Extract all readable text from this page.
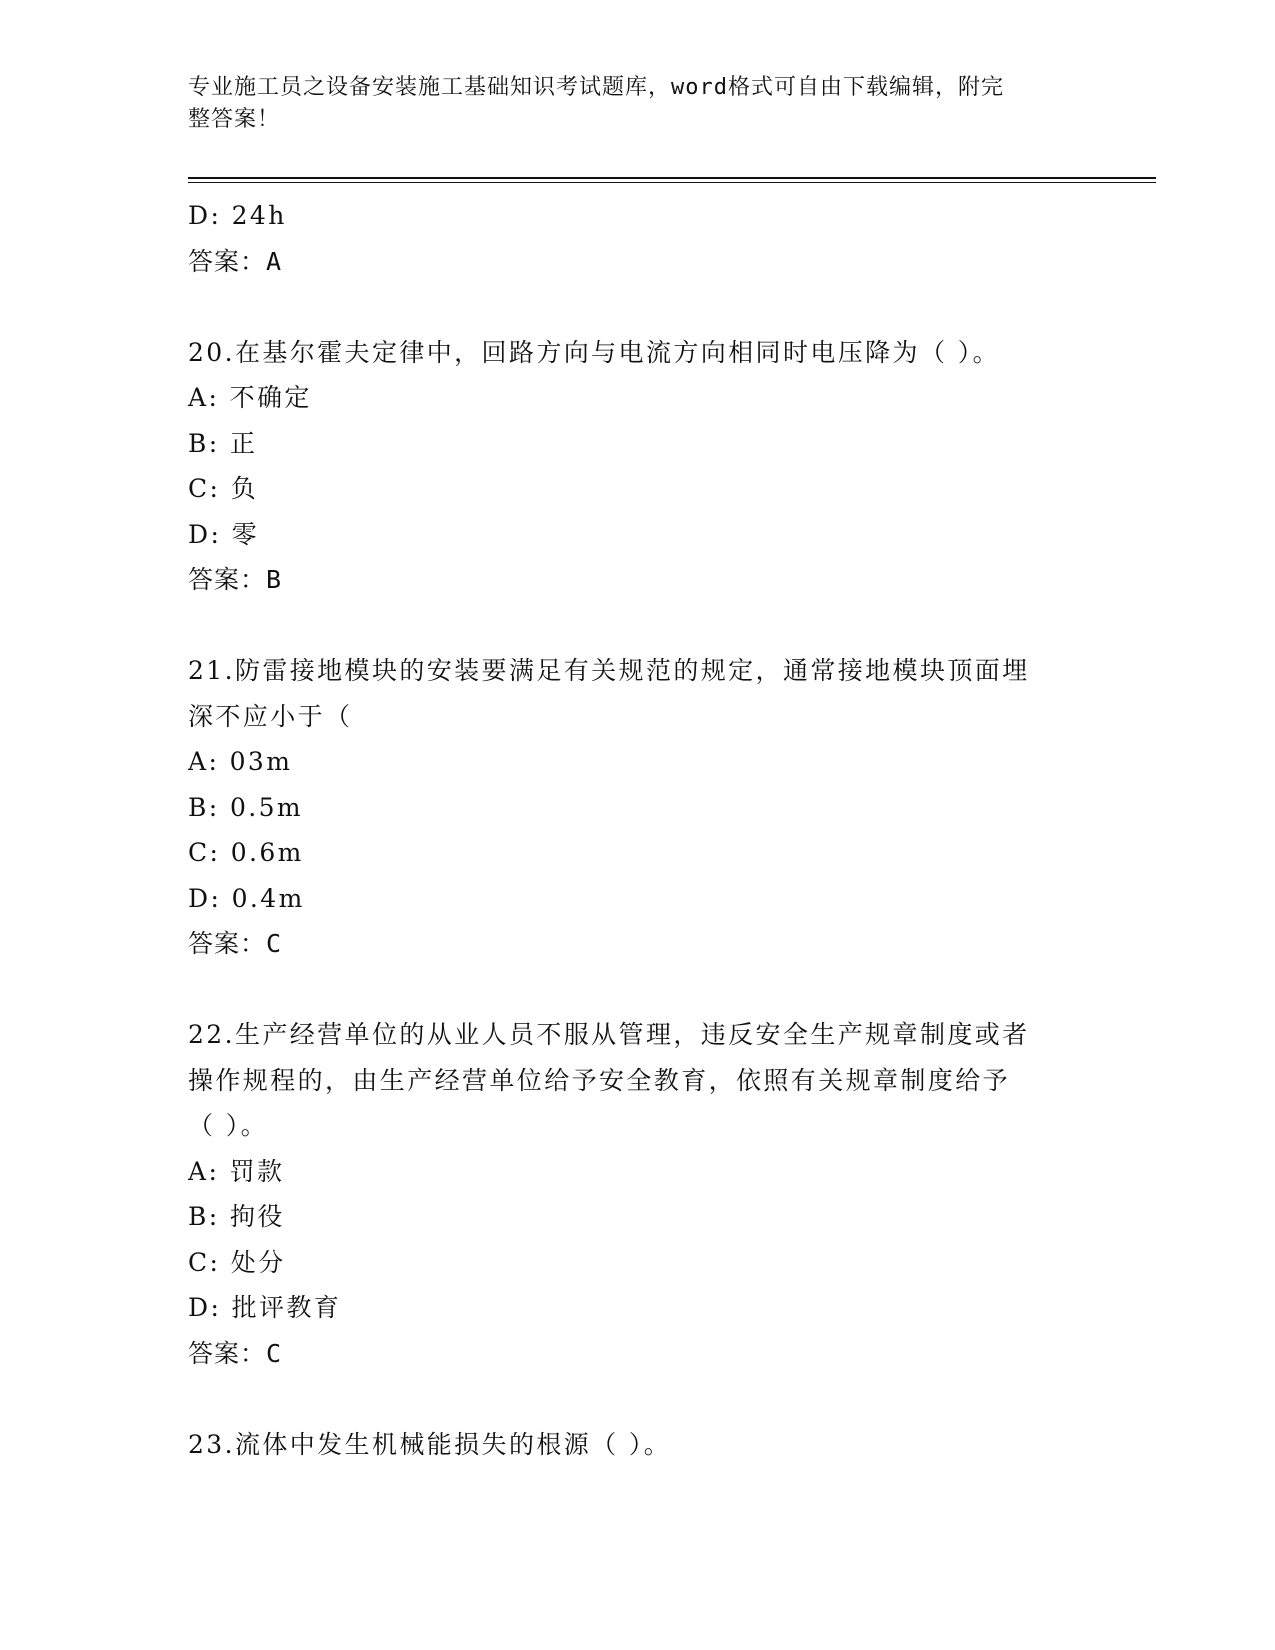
专业施工员之设备安装施工基础知识考试题库，word格式可自由下载编辑，附完
整答案！
D: 24h
答案：A
20.在基尔霍夫定律中，回路方向与电流方向相同时电压降为（ ）。
A: 不确定
B: 正
C: 负
D: 零
答案：B
21.防雷接地模块的安装要满足有关规范的规定，通常接地模块顶面埋
深不应小于（
A: 03m
B: 0.5m
C: 0.6m
D: 0.4m
答案：C
22.生产经营单位的从业人员不服从管理，违反安全生产规章制度或者
操作规程的，由生产经营单位给予安全教育，依照有关规章制度给予
（ ）。
A: 罚款
B: 拘役
C: 处分
D: 批评教育
答案：C
23.流体中发生机械能损失的根源（ ）。
